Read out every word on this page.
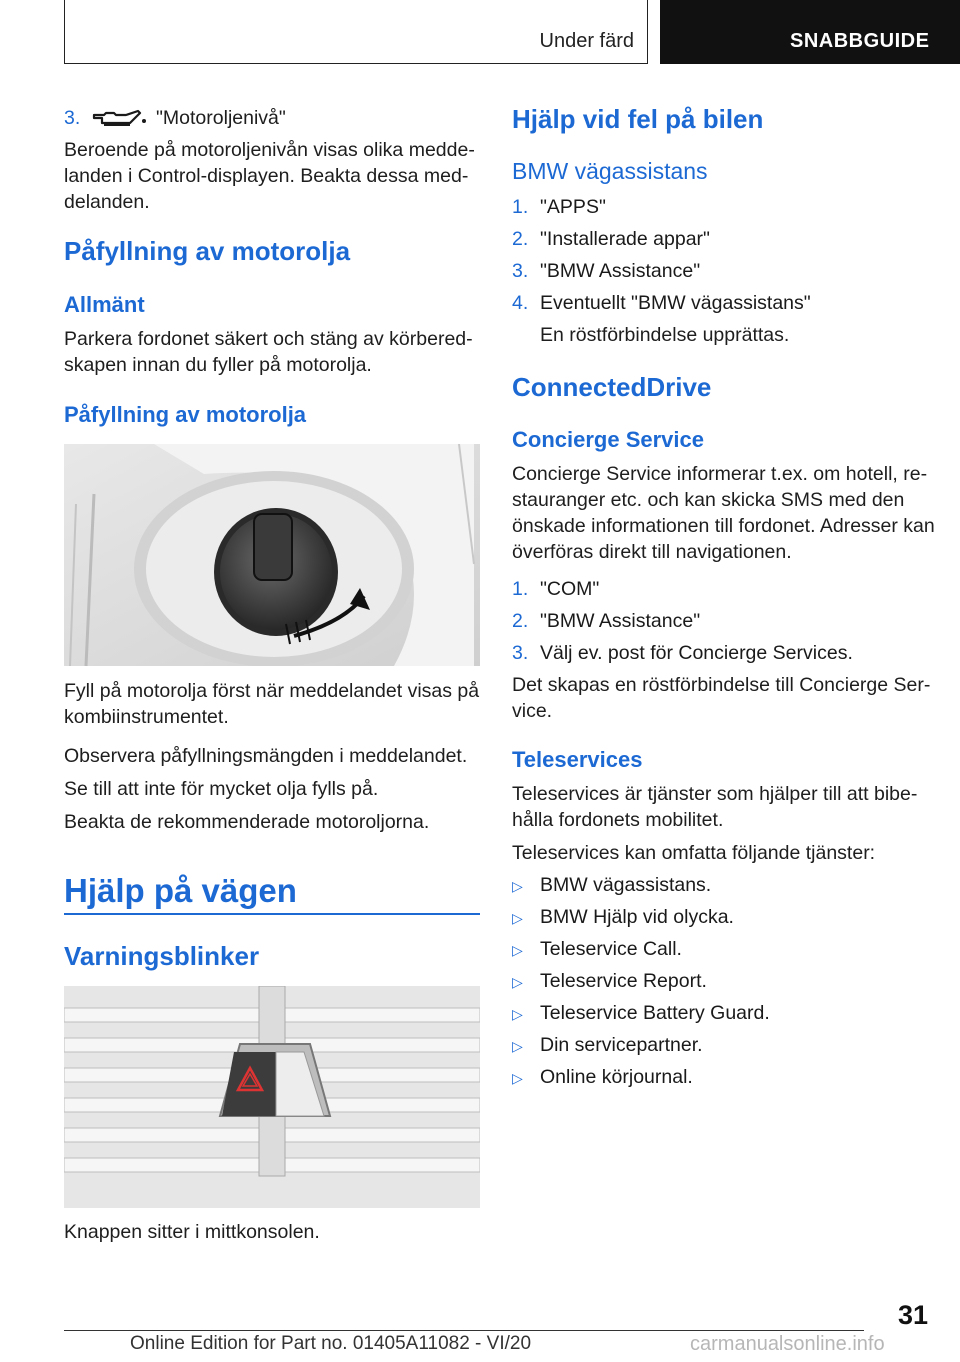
Under färd	SNABBGUIDE
3.	"Motoroljenivå"
Beroende på motoroljenivån visas olika medde-
landen i Control-displayen. Beakta dessa med-
delanden.
Påfyllning av motorolja
Allmänt
Parkera fordonet säkert och stäng av körbered-
skapen innan du fyller på motorolja.
Påfyllning av motorolja
Fyll på motorolja först när meddelandet visas på
kombiinstrumentet.
Observera påfyllningsmängden i meddelandet.
Se till att inte för mycket olja fylls på.
Beakta de rekommenderade motoroljorna.
Hjälp på vägen
Varningsblinker
Knappen sitter i mittkonsolen.
Hjälp vid fel på bilen
BMW vägassistans
1. "APPS"
2. "Installerade appar"
3. "BMW Assistance"
4. Eventuellt "BMW vägassistans"
En röstförbindelse upprättas.
ConnectedDrive
Concierge Service
Concierge Service informerar t.ex. om hotell, re-
stauranger etc. och kan skicka SMS med den
önskade informationen till fordonet. Adresser kan
överföras direkt till navigationen.
1. "COM"
2. "BMW Assistance"
3. Välj ev. post för Concierge Services.
Det skapas en röstförbindelse till Concierge Ser-
vice.
Teleservices
Teleservices är tjänster som hjälper till att bibe-
hålla fordonets mobilitet.
Teleservices kan omfatta följande tjänster:
▷ BMW vägassistans.
▷ BMW Hjälp vid olycka.
▷ Teleservice Call.
▷ Teleservice Report.
▷ Teleservice Battery Guard.
▷ Din servicepartner.
▷ Online körjournal.
31
Online Edition for Part no. 01405A11082 - VI/20	carmanualsonline.info
